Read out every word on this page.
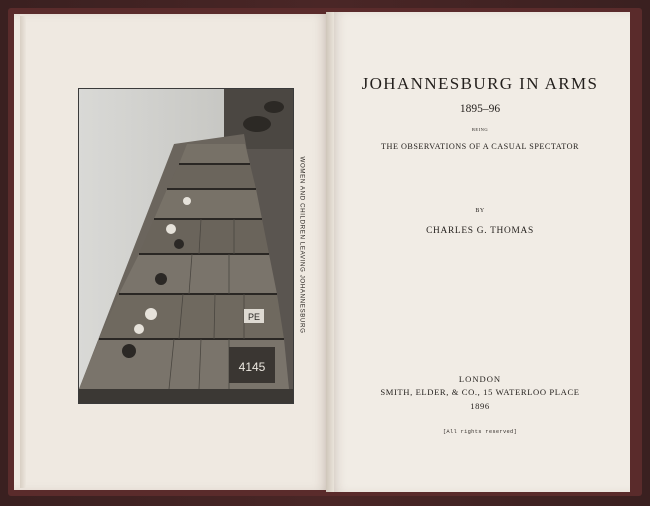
4145
PE	WOMEN AND CHILDREN LEAVING JOHANNESBURG
JOHANNESBURG IN ARMS
1895–96
BEING
THE OBSERVATIONS OF A CASUAL SPECTATOR
BY
CHARLES G. THOMAS
LONDON
SMITH, ELDER, & CO., 15 WATERLOO PLACE
1896
[All rights reserved]
